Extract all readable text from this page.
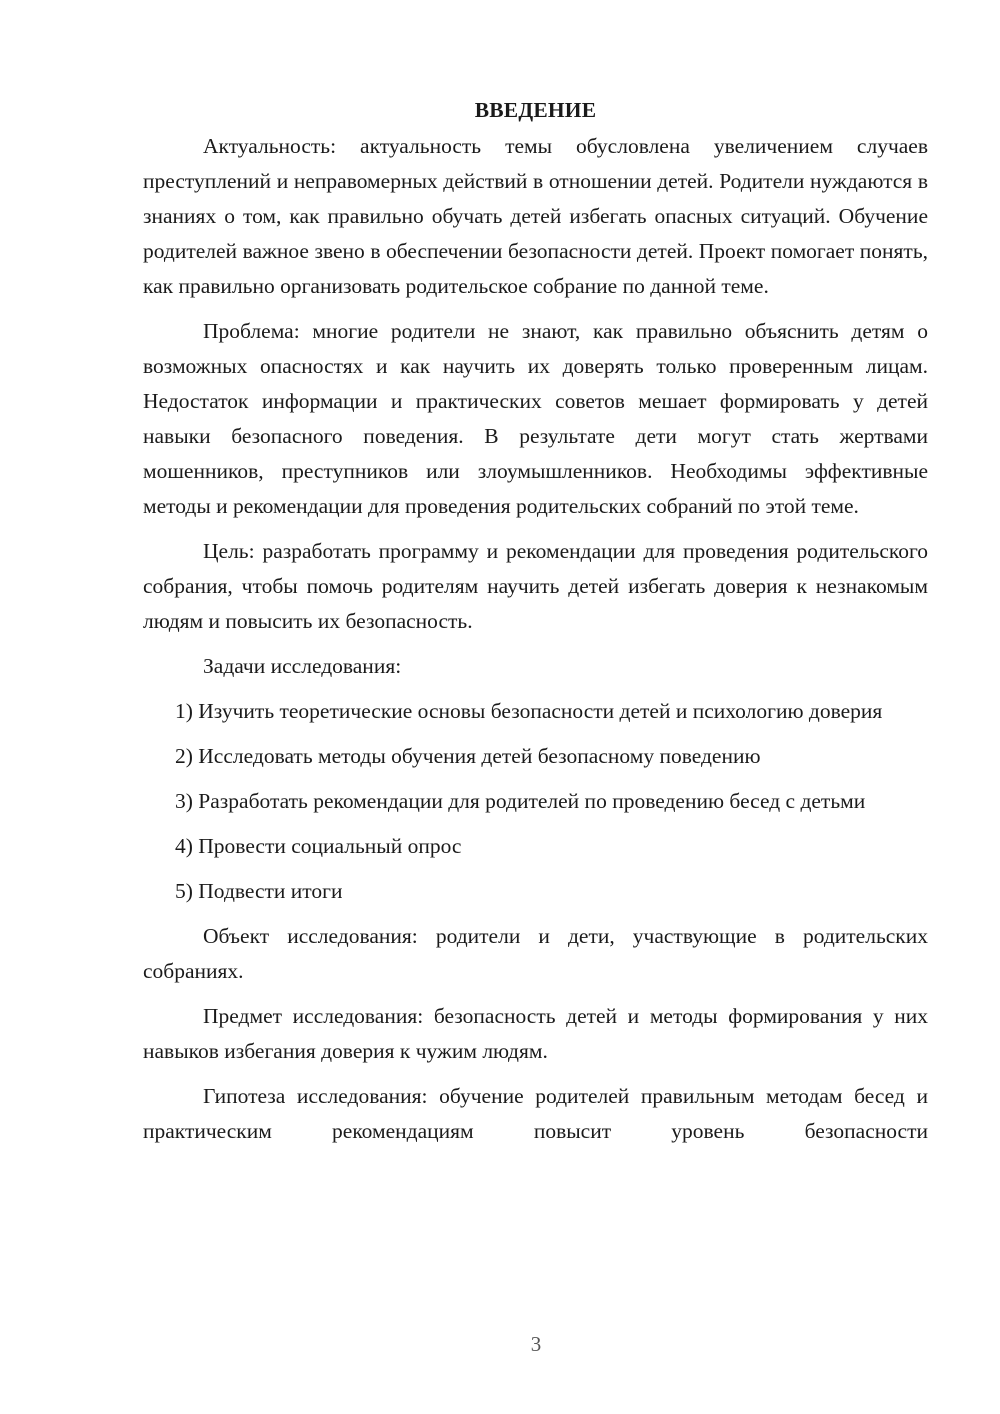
ВВЕДЕНИЕ

Актуальность: актуальность темы обусловлена увеличением случаев преступлений и неправомерных действий в отношении детей. Родители нуждаются в знаниях о том, как правильно обучать детей избегать опасных ситуаций. Обучение родителей важное звено в обеспечении безопасности детей. Проект помогает понять, как правильно организовать родительское собрание по данной теме.

Проблема: многие родители не знают, как правильно объяснить детям о возможных опасностях и как научить их доверять только проверенным лицам. Недостаток информации и практических советов мешает формировать у детей навыки безопасного поведения. В результате дети могут стать жертвами мошенников, преступников или злоумышленников. Необходимы эффективные методы и рекомендации для проведения родительских собраний по этой теме.

Цель: разработать программу и рекомендации для проведения родительского собрания, чтобы помочь родителям научить детей избегать доверия к незнакомым людям и повысить их безопасность.

Задачи исследования:

1) Изучить теоретические основы безопасности детей и психологию доверия

2) Исследовать методы обучения детей безопасному поведению

3) Разработать рекомендации для родителей по проведению бесед с детьми

4) Провести социальный опрос

5) Подвести итоги

Объект исследования: родители и дети, участвующие в родительских собраниях.

Предмет исследования: безопасность детей и методы формирования у них навыков избегания доверия к чужим людям.

Гипотеза исследования: обучение родителей правильным методам бесед и практическим рекомендациям повысит уровень безопасности

3
